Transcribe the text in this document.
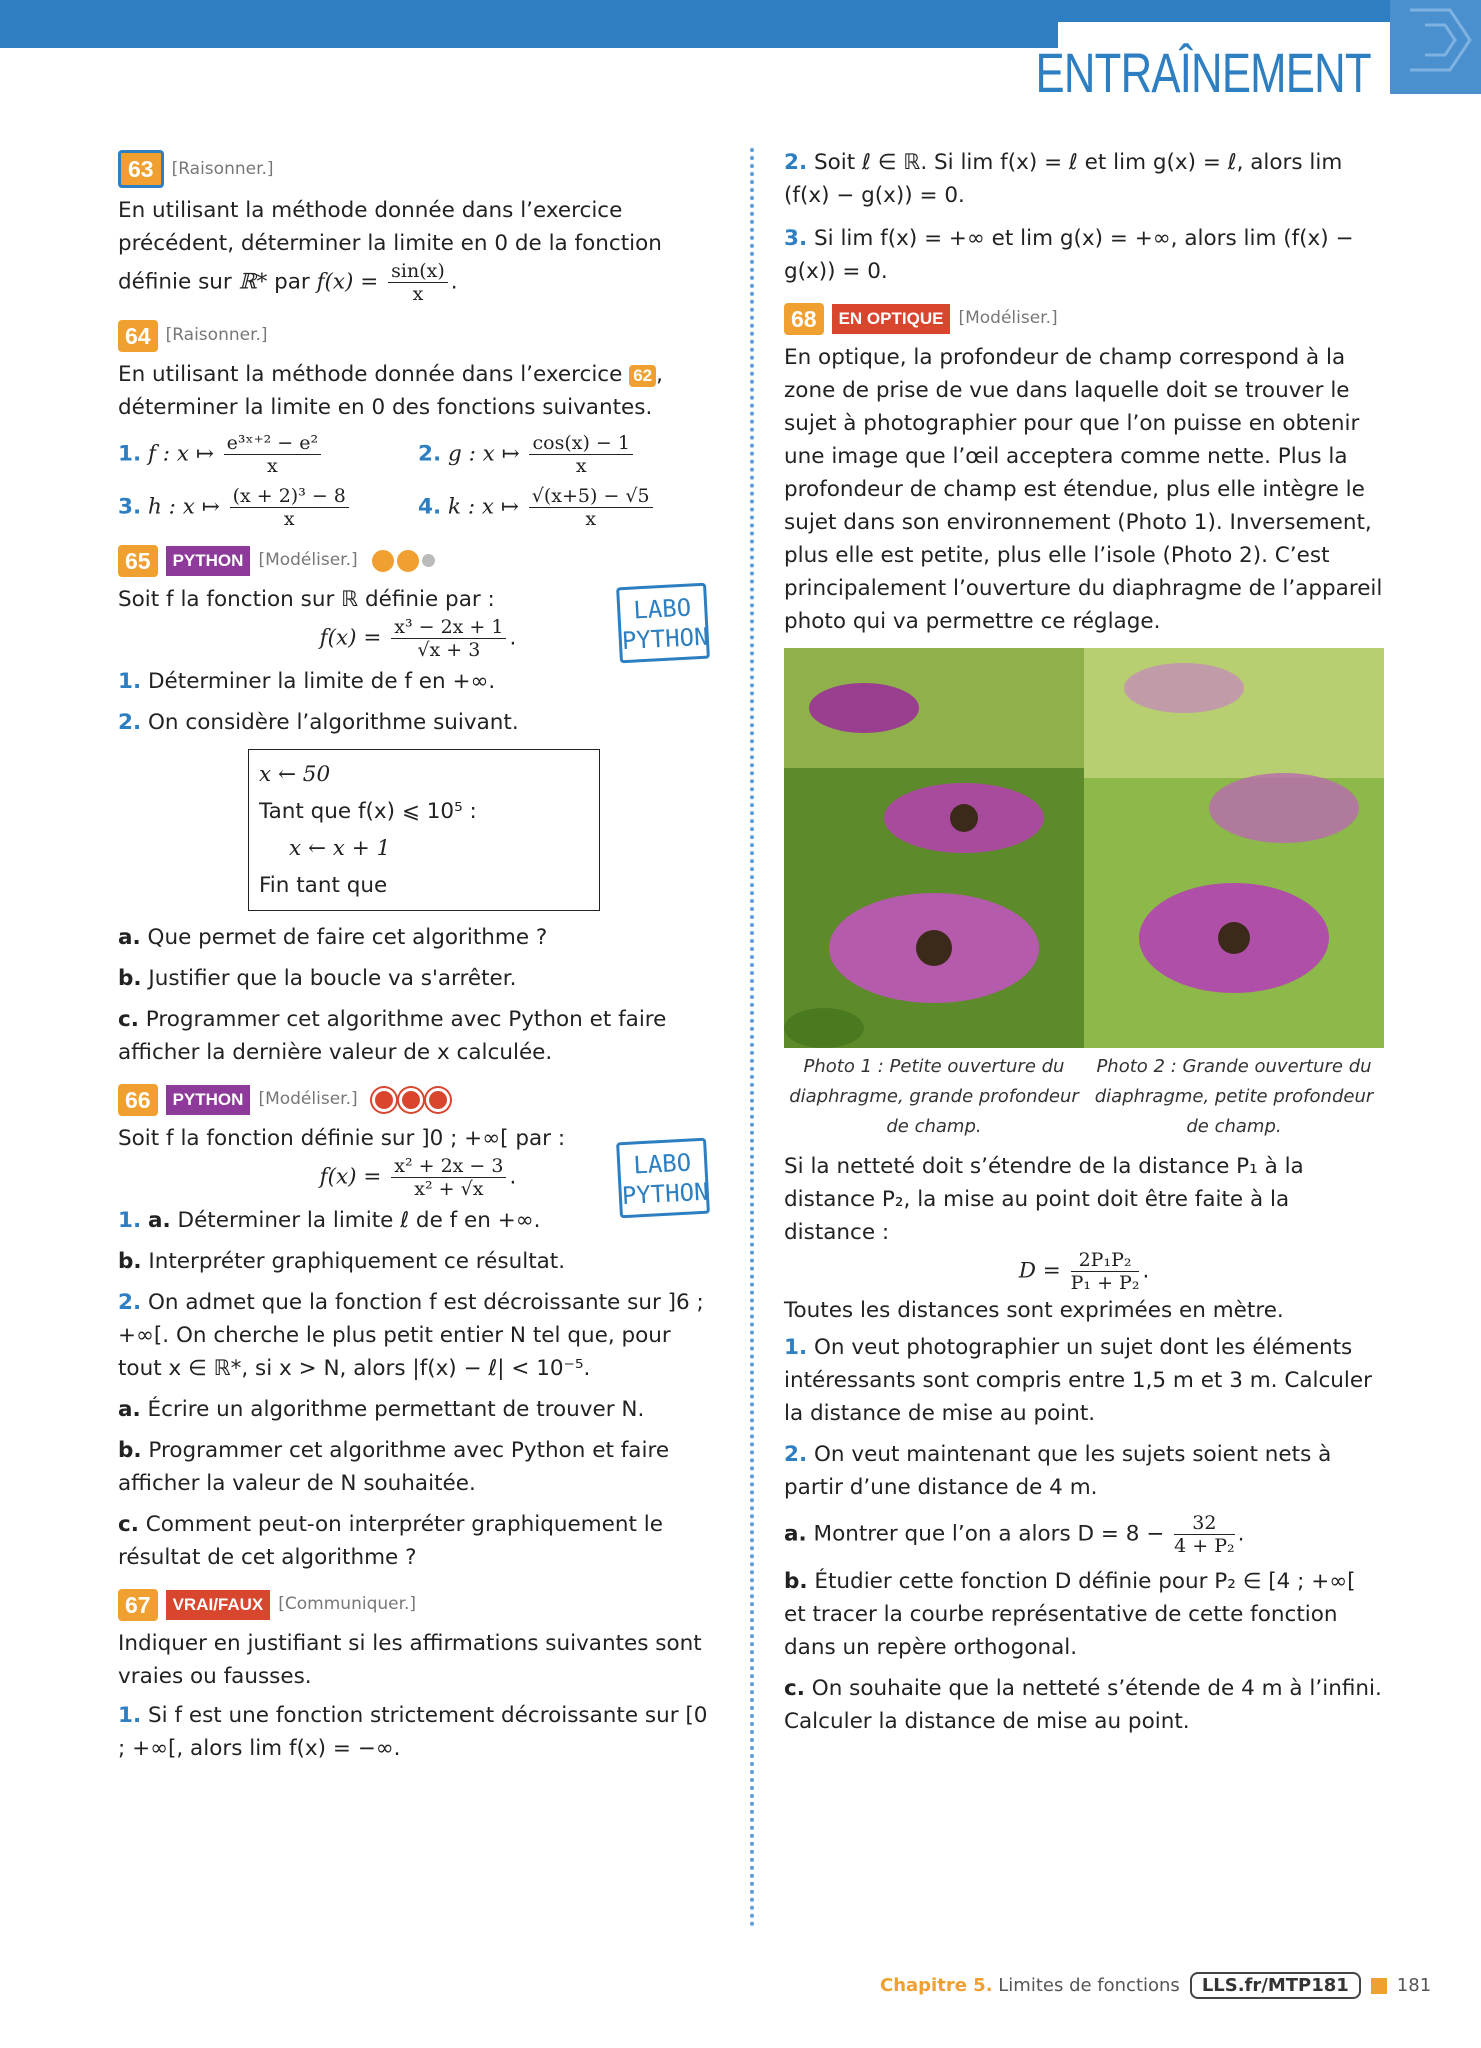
ENTRAÎNEMENT
63	[Raisonner.]

En utilisant la méthode donnée dans l’exercice précédent, déterminer la limite en 0 de la fonction définie sur ℝ* par $f(x) = \frac{\sin(x)}{x}$ .

64 [Raisonner.]

En utilisant la méthode donnée dans l’exercice 62 , déterminer la limite en 0 des fonctions suivantes.

1. f : x ↦ $\frac{\text{e³ˣ⁺² − e²}}{x}$	2. g : x ↦ $\frac{\cos(x) - 1}{x}$
3. h : x ↦ $\frac{\text{(x + 2)³ − 8}}{x}$	4. k : x ↦ $\frac{√(x+5) - √5}{x}$
65	PYTHON [Modéliser.]

Soit f la fonction sur ℝ définie par :

$f(x) = \frac{\text{x³ − 2x + 1}}{√x + 3}$ .

1. Déterminer la limite de f en +∞.

2. On considère l’algorithme suivant.

x ← 50
Tant que f(x) ⩽ 10⁵ :
x ← x + 1
Fin tant que

a. Que permet de faire cet algorithme ?

b. Justifier que la boucle va s'arrêter.

c. Programmer cet algorithme avec Python et faire afficher la dernière valeur de x calculée.

66	PYTHON [Modéliser.]

Soit f la fonction définie sur ]0 ; +∞[ par :

$f(x) = \frac{\text{x² + 2x − 3}}{\text{x² + √x}}$ .

1. a. Déterminer la limite ℓ de f en +∞.

b. Interpréter graphiquement ce résultat.

2. On admet que la fonction f est décroissante sur ]6 ; +∞[. On cherche le plus petit entier N tel que, pour tout x ∈ ℝ*, si x > N, alors |f(x) − ℓ| < 10⁻⁵.

a. Écrire un algorithme permettant de trouver N.

b. Programmer cet algorithme avec Python et faire afficher la valeur de N souhaitée.

c. Comment peut-on interpréter graphiquement le résultat de cet algorithme ?

67	VRAI/FAUX [Communiquer.]

Indiquer en justifiant si les affirmations suivantes sont vraies ou fausses.

1. Si f est une fonction strictement décroissante sur [0 ; +∞[, alors lim f(x) = −∞.

LABO
PYTHON
LABO
PYTHON

2. Soit ℓ ∈ ℝ. Si lim f(x) = ℓ et lim g(x) = ℓ, alors lim (f(x) − g(x)) = 0.

3. Si lim f(x) = +∞ et lim g(x) = +∞, alors lim (f(x) − g(x)) = 0.

68	EN OPTIQUE [Modéliser.]

En optique, la profondeur de champ correspond à la zone de prise de vue dans laquelle doit se trouver le sujet à photographier pour que l’on puisse en obtenir une image que l’œil acceptera comme nette. Plus la profondeur de champ est étendue, plus elle intègre le sujet dans son environnement (Photo 1). Inversement, plus elle est petite, plus elle l’isole (Photo 2). C’est principalement l’ouverture du diaphragme de l’appareil photo qui va permettre ce réglage.

Photo 1 : Petite ouverture du diaphragme, grande profondeur de champ.
Photo 2 : Grande ouverture du diaphragme, petite profondeur de champ.

Si la netteté doit s’étendre de la distance P₁ à la distance P₂, la mise au point doit être faite à la distance :

$D = \frac{\text{2P₁P₂}}{\text{P₁ + P₂}}$ .

Toutes les distances sont exprimées en mètre.

1. On veut photographier un sujet dont les éléments intéressants sont compris entre 1,5 m et 3 m. Calculer la distance de mise au point.

2. On veut maintenant que les sujets soient nets à partir d’une distance de 4 m.

a. Montrer que l’on a alors $D = 8 - \frac{32}{\text{4 + P₂}}$ .

b. Étudier cette fonction D définie pour P₂ ∈ [4 ; +∞[ et tracer la courbe représentative de cette fonction dans un repère orthogonal.

c. On souhaite que la netteté s’étende de 4 m à l’infini. Calculer la distance de mise au point.

Chapitre 5. Limites de fonctions	LLS.fr/MTP181	181
